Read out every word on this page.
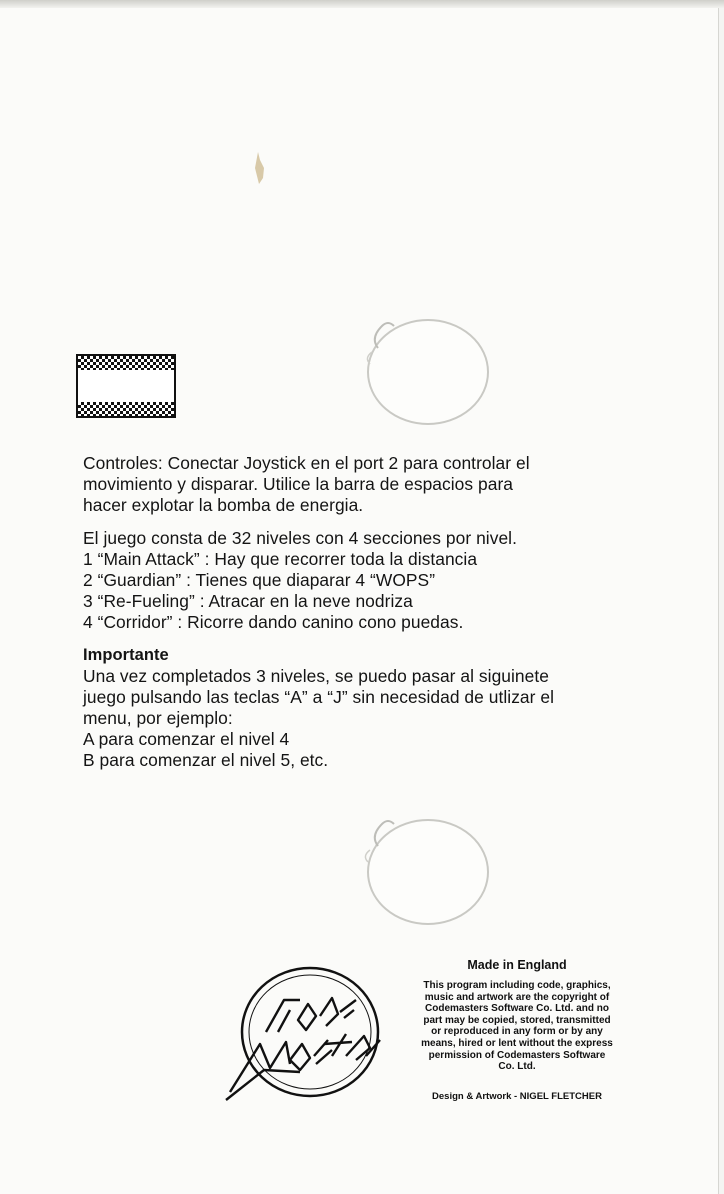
Controles: Conectar Joystick en el port 2 para controlar el

movimiento y disparar. Utilice la barra de espacios para

hacer explotar la bomba de energia.

El juego consta de 32 niveles con 4 secciones por nivel.

1 “Main Attack” : Hay que recorrer toda la distancia

2 “Guardian” : Tienes que diaparar 4 “WOPS”

3 “Re-Fueling” : Atracar en la neve nodriza

4 “Corridor” : Ricorre dando canino cono puedas.

Importante

Una vez completados 3 niveles, se puedo pasar al siguinete

juego pulsando las teclas “A” a “J” sin necesidad de utlizar el

menu, por ejemplo:

A para comenzar el nivel 4

B para comenzar el nivel 5, etc.

Made in England
This program including code, graphics,
music and artwork are the copyright of
Codemasters Software Co. Ltd. and no
part may be copied, stored, transmitted
or reproduced in any form or by any
means, hired or lent without the express
permission of Codemasters Software
Co. Ltd.
Design & Artwork - NIGEL FLETCHER
